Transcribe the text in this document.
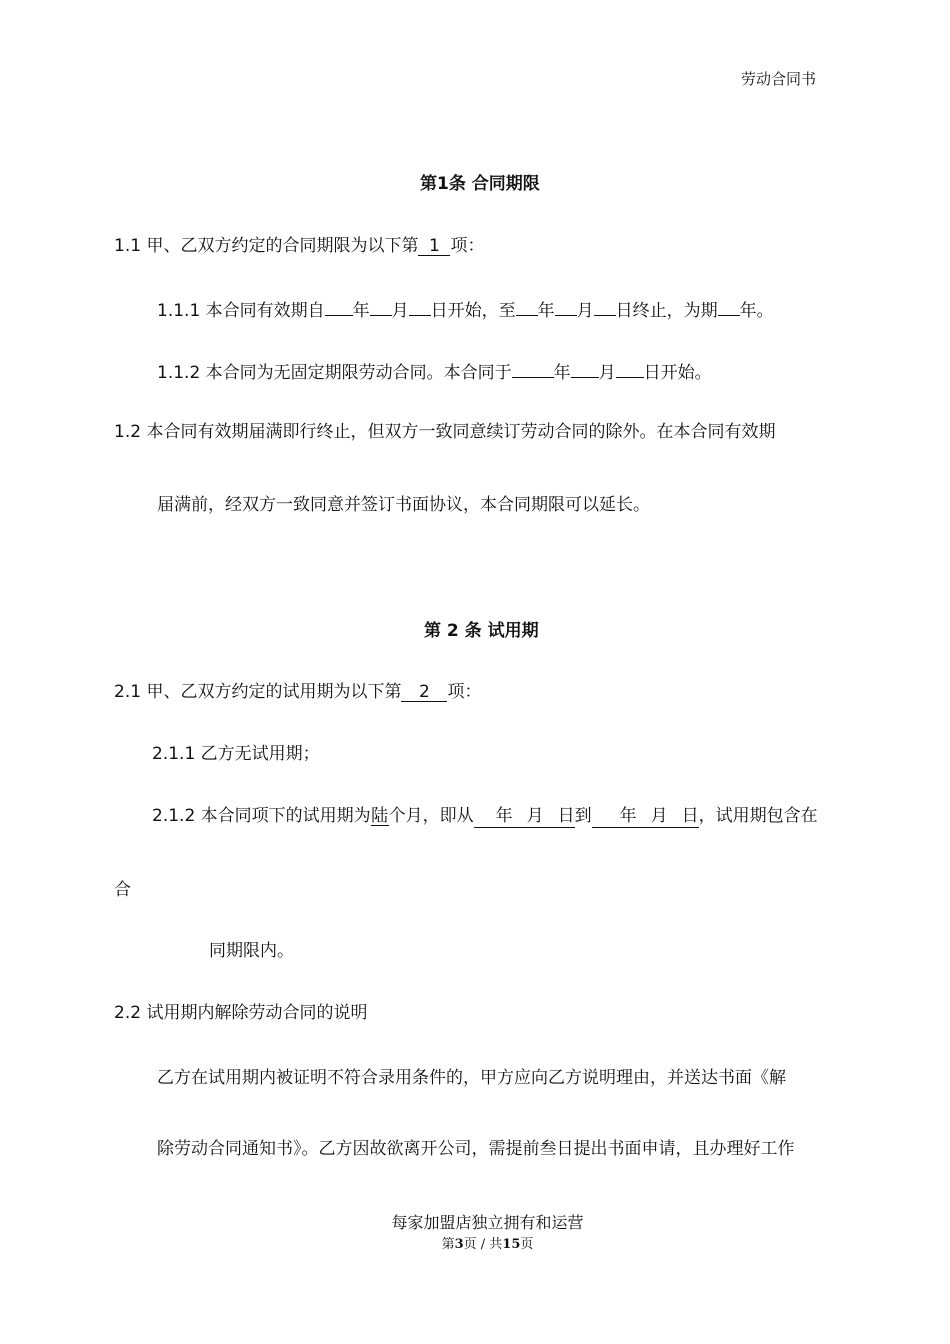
劳动合同书
第1条 合同期限
1.1 甲、乙双方约定的合同期限为以下第 1 项：
1.1.1 本合同有效期自 年 月 日开始，至 年 月 日终止，为期 年。
1.1.2 本合同为无固定期限劳动合同。本合同于 年 月 日开始。
1.2 本合同有效期届满即行终止，但双方一致同意续订劳动合同的除外。在本合同有效期
届满前，经双方一致同意并签订书面协议，本合同期限可以延长。
第 2 条 试用期
2.1 甲、乙双方约定的试用期为以下第 2 项：
2.1.1 乙方无试用期；
2.1.2 本合同项下的试用期为陆个月，即从 年 月 日到 年 月 日，试用期包含在
合
同期限内。
2.2 试用期内解除劳动合同的说明
乙方在试用期内被证明不符合录用条件的，甲方应向乙方说明理由，并送达书面《解
除劳动合同通知书》。乙方因故欲离开公司，需提前叁日提出书面申请，且办理好工作
每家加盟店独立拥有和运营
第3页 / 共15页
